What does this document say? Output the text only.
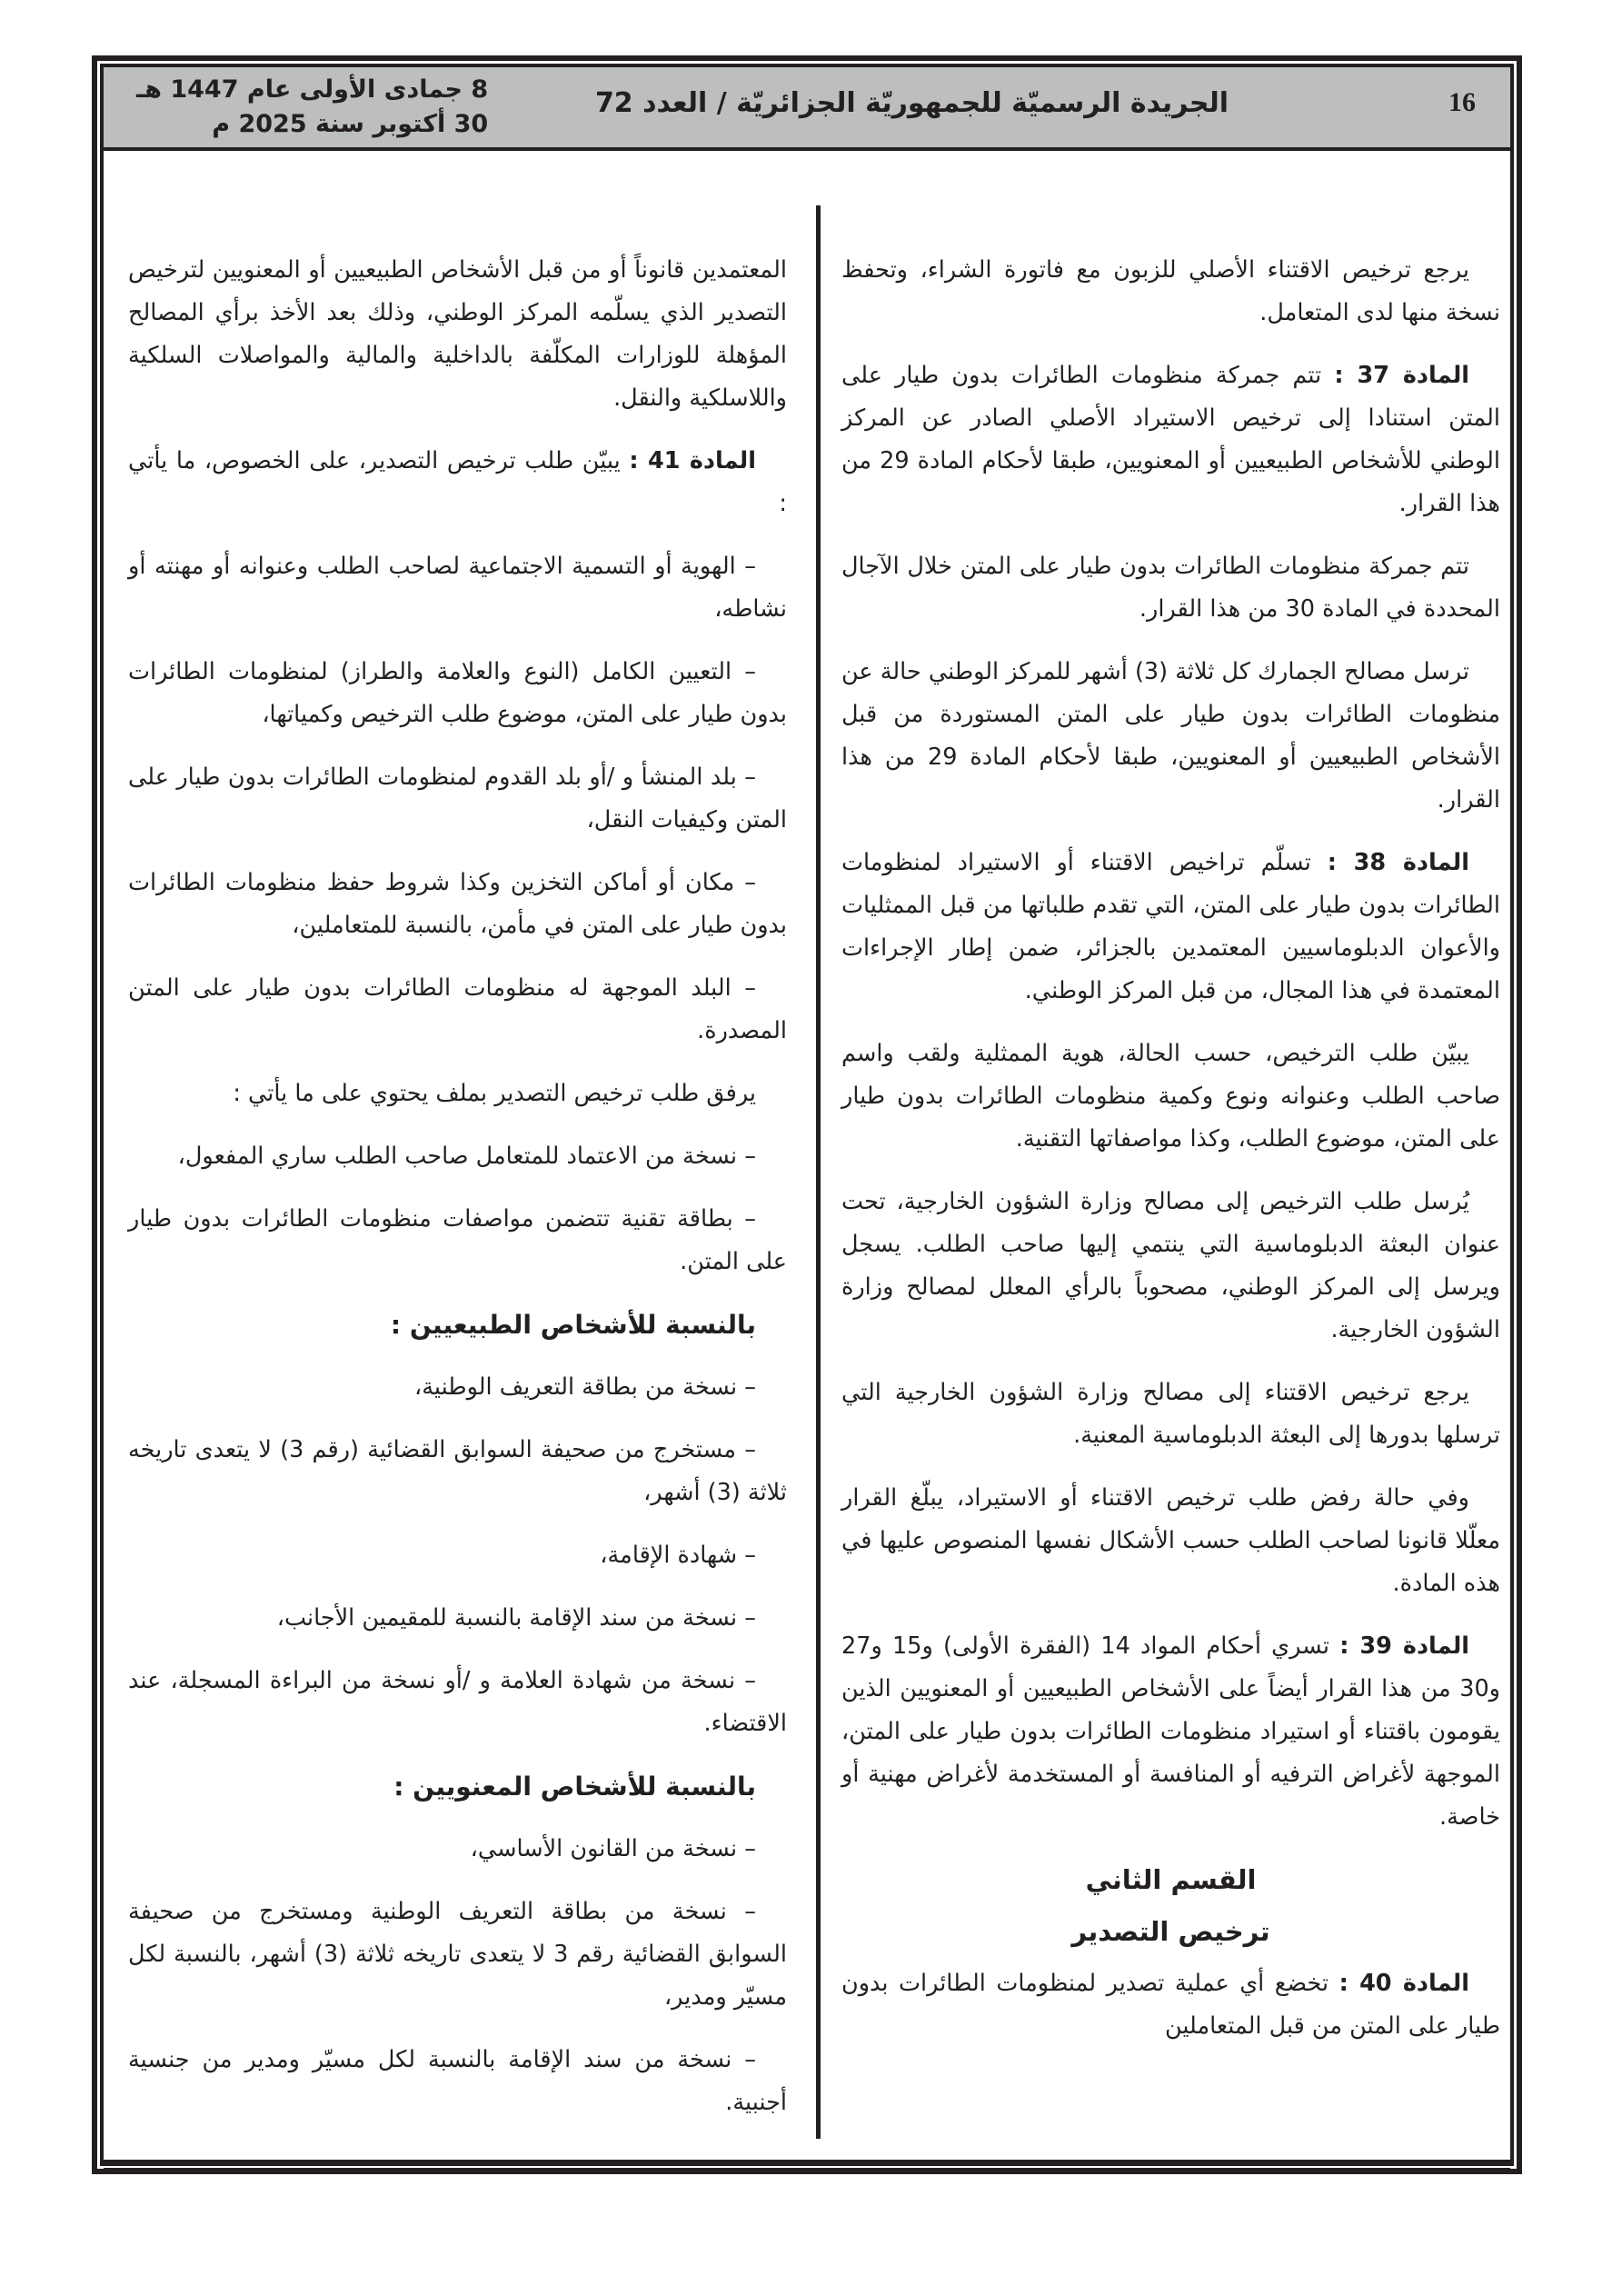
16
الجريدة الرسميّة للجمهوريّة الجزائريّة / العدد 72
8 جمادى الأولى عام 1447 هـ
30 أكتوبر سنة 2025 م

يرجع ترخيص الاقتناء الأصلي للزبون مع فاتورة الشراء، وتحفظ نسخة منها لدى المتعامل.

المادة 37 : تتم جمركة منظومات الطائرات بدون طيار على المتن استنادا إلى ترخيص الاستيراد الأصلي الصادر عن المركز الوطني للأشخاص الطبيعيين أو المعنويين، طبقا لأحكام المادة 29 من هذا القرار.

تتم جمركة منظومات الطائرات بدون طيار على المتن خلال الآجال المحددة في المادة 30 من هذا القرار.

ترسل مصالح الجمارك كل ثلاثة (3) أشهر للمركز الوطني حالة عن منظومات الطائرات بدون طيار على المتن المستوردة من قبل الأشخاص الطبيعيين أو المعنويين، طبقا لأحكام المادة 29 من هذا القرار.

المادة 38 : تسلّم تراخيص الاقتناء أو الاستيراد لمنظومات الطائرات بدون طيار على المتن، التي تقدم طلباتها من قبل الممثليات والأعوان الدبلوماسيين المعتمدين بالجزائر، ضمن إطار الإجراءات المعتمدة في هذا المجال، من قبل المركز الوطني.

يبيّن طلب الترخيص، حسب الحالة، هوية الممثلية ولقب واسم صاحب الطلب وعنوانه ونوع وكمية منظومات الطائرات بدون طيار على المتن، موضوع الطلب، وكذا مواصفاتها التقنية.

يُرسل طلب الترخيص إلى مصالح وزارة الشؤون الخارجية، تحت عنوان البعثة الدبلوماسية التي ينتمي إليها صاحب الطلب. يسجل ويرسل إلى المركز الوطني، مصحوباً بالرأي المعلل لمصالح وزارة الشؤون الخارجية.

يرجع ترخيص الاقتناء إلى مصالح وزارة الشؤون الخارجية التي ترسلها بدورها إلى البعثة الدبلوماسية المعنية.

وفي حالة رفض طلب ترخيص الاقتناء أو الاستيراد، يبلّغ القرار معلّلا قانونا لصاحب الطلب حسب الأشكال نفسها المنصوص عليها في هذه المادة.

المادة 39 : تسري أحكام المواد 14 (الفقرة الأولى) و15 و27 و30 من هذا القرار أيضاً على الأشخاص الطبيعيين أو المعنويين الذين يقومون باقتناء أو استيراد منظومات الطائرات بدون طيار على المتن، الموجهة لأغراض الترفيه أو المنافسة أو المستخدمة لأغراض مهنية أو خاصة.

القسم الثاني
ترخيص التصدير

المادة 40 : تخضع أي عملية تصدير لمنظومات الطائرات بدون طيار على المتن من قبل المتعاملين

المعتمدين قانوناً أو من قبل الأشخاص الطبيعيين أو المعنويين لترخيص التصدير الذي يسلّمه المركز الوطني، وذلك بعد الأخذ برأي المصالح المؤهلة للوزارات المكلّفة بالداخلية والمالية والمواصلات السلكية واللاسلكية والنقل.

المادة 41 : يبيّن طلب ترخيص التصدير، على الخصوص، ما يأتي :

– الهوية أو التسمية الاجتماعية لصاحب الطلب وعنوانه أو مهنته أو نشاطه،

– التعيين الكامل (النوع والعلامة والطراز) لمنظومات الطائرات بدون طيار على المتن، موضوع طلب الترخيص وكمياتها،

– بلد المنشأ و /أو بلد القدوم لمنظومات الطائرات بدون طيار على المتن وكيفيات النقل،

– مكان أو أماكن التخزين وكذا شروط حفظ منظومات الطائرات بدون طيار على المتن في مأمن، بالنسبة للمتعاملين،

– البلد الموجهة له منظومات الطائرات بدون طيار على المتن المصدرة.

يرفق طلب ترخيص التصدير بملف يحتوي على ما يأتي :

– نسخة من الاعتماد للمتعامل صاحب الطلب ساري المفعول،

– بطاقة تقنية تتضمن مواصفات منظومات الطائرات بدون طيار على المتن.

بالنسبة للأشخاص الطبيعيين :

– نسخة من بطاقة التعريف الوطنية،

– مستخرج من صحيفة السوابق القضائية (رقم 3) لا يتعدى تاريخه ثلاثة (3) أشهر،

– شهادة الإقامة،

– نسخة من سند الإقامة بالنسبة للمقيمين الأجانب،

– نسخة من شهادة العلامة و /أو نسخة من البراءة المسجلة، عند الاقتضاء.

بالنسبة للأشخاص المعنويين :

– نسخة من القانون الأساسي،

– نسخة من بطاقة التعريف الوطنية ومستخرج من صحيفة السوابق القضائية رقم 3 لا يتعدى تاريخه ثلاثة (3) أشهر، بالنسبة لكل مسيّر ومدير،

– نسخة من سند الإقامة بالنسبة لكل مسيّر ومدير من جنسية أجنبية.
